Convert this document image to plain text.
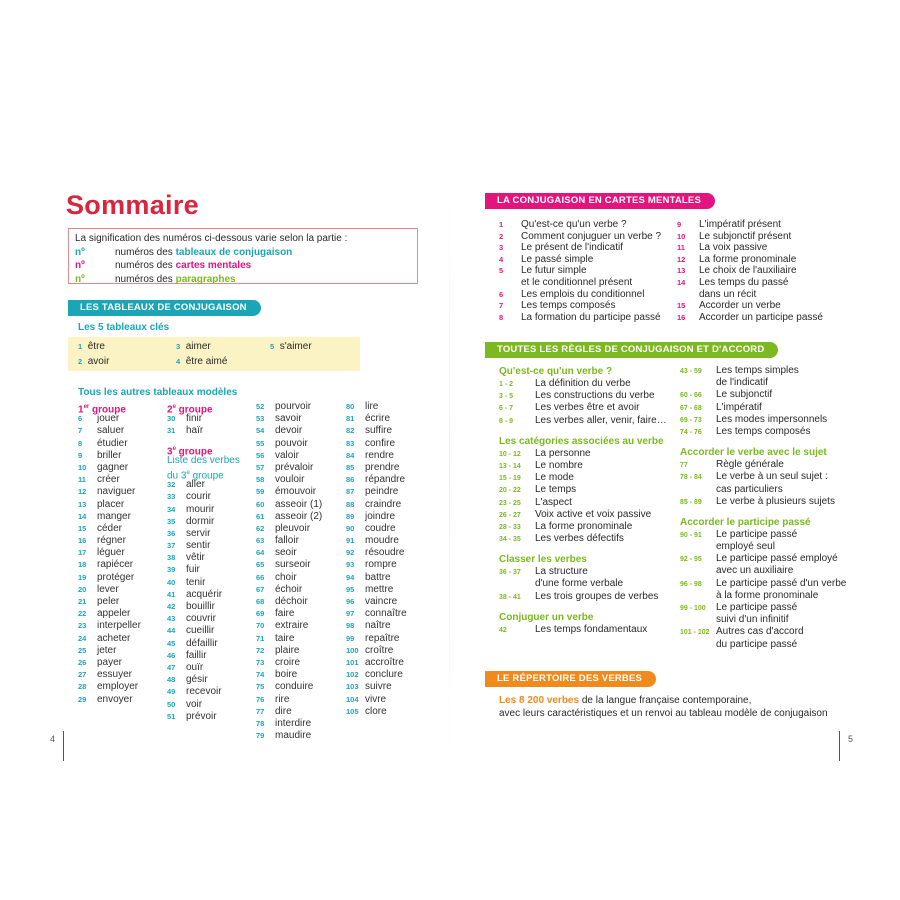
Sommaire
La signification des numéros ci-dessous varie selon la partie :
nº	numéros des tableaux de conjugaison
nº	numéros des cartes mentales
nº	numéros des paragraphes
LES TABLEAUX DE CONJUGAISON
Les 5 tableaux clés
1 être
2 avoir
3 aimer
4 être aimé
5 s'aimer
Tous les autres tableaux modèles
1er groupe
6 jouer
7 saluer
8 étudier
9 briller
10 gagner
11 créer
12 naviguer
13 placer
14 manger
15 céder
16 régner
17 léguer
18 rapiécer
19 protéger
20 lever
21 peler
22 appeler
23 interpeller
24 acheter
25 jeter
26 payer
27 essuyer
28 employer
29 envoyer
2e groupe
30 finir
31 haïr
3e groupe
Liste des verbes
du 3e groupe
32 aller
33 courir
34 mourir
35 dormir
36 servir
37 sentir
38 vêtir
39 fuir
40 tenir
41 acquérir
42 bouillir
43 couvrir
44 cueillir
45 défaillir
46 faillir
47 ouïr
48 gésir
49 recevoir
50 voir
51 prévoir
52 pourvoir
53 savoir
54 devoir
55 pouvoir
56 valoir
57 prévaloir
58 vouloir
59 émouvoir
60 asseoir (1)
61 asseoir (2)
62 pleuvoir
63 falloir
64 seoir
65 surseoir
66 choir
67 échoir
68 déchoir
69 faire
70 extraire
71 taire
72 plaire
73 croire
74 boire
75 conduire
76 rire
77 dire
78 interdire
79 maudire
80 lire
81 écrire
82 suffire
83 confire
84 rendre
85 prendre
86 répandre
87 peindre
88 craindre
89 joindre
90 coudre
91 moudre
92 résoudre
93 rompre
94 battre
95 mettre
96 vaincre
97 connaître
98 naître
99 repaître
100 croître
101 accroître
102 conclure
103 suivre
104 vivre
105 clore
4
LA CONJUGAISON EN CARTES MENTALES
1 Qu'est-ce qu'un verbe ?
2 Comment conjuguer un verbe ?
3 Le présent de l'indicatif
4 Le passé simple
5 Le futur simple
et le conditionnel présent
6 Les emplois du conditionnel
7 Les temps composés
8 La formation du participe passé
9 L'impératif présent
10 Le subjonctif présent
11 La voix passive
12 La forme pronominale
13 Le choix de l'auxiliaire
14 Les temps du passé
dans un récit
15 Accorder un verbe
16 Accorder un participe passé
TOUTES LES RÈGLES DE CONJUGAISON ET D'ACCORD
Qu'est-ce qu'un verbe ?
1 - 2 La définition du verbe
3 - 5 Les constructions du verbe
6 - 7 Les verbes être et avoir
8 - 9 Les verbes aller, venir, faire…
Les catégories associées au verbe
10 - 12 La personne
13 - 14 Le nombre
15 - 19 Le mode
20 - 22 Le temps
23 - 25 L'aspect
26 - 27 Voix active et voix passive
28 - 33 La forme pronominale
34 - 35 Les verbes défectifs
Classer les verbes
36 - 37 La structure
d'une forme verbale
38 - 41 Les trois groupes de verbes
Conjuguer un verbe
42	Les temps fondamentaux
43 - 59 Les temps simples
de l'indicatif
60 - 66 Le subjonctif
67 - 68 L'impératif
69 - 73 Les modes impersonnels
74 - 76 Les temps composés
Accorder le verbe avec le sujet
77	Règle générale
78 - 84 Le verbe à un seul sujet :
cas particuliers
85 - 89 Le verbe à plusieurs sujets
Accorder le participe passé
90 - 91 Le participe passé
employé seul
92 - 95 Le participe passé employé
avec un auxiliaire
96 - 98 Le participe passé d'un verbe
à la forme pronominale
99 - 100 Le participe passé
suivi d'un infinitif
101 - 102 Autres cas d'accord
du participe passé
LE RÉPERTOIRE DES VERBES
Les 8 200 verbes de la langue française contemporaine,
avec leurs caractéristiques et un renvoi au tableau modèle de conjugaison
5
